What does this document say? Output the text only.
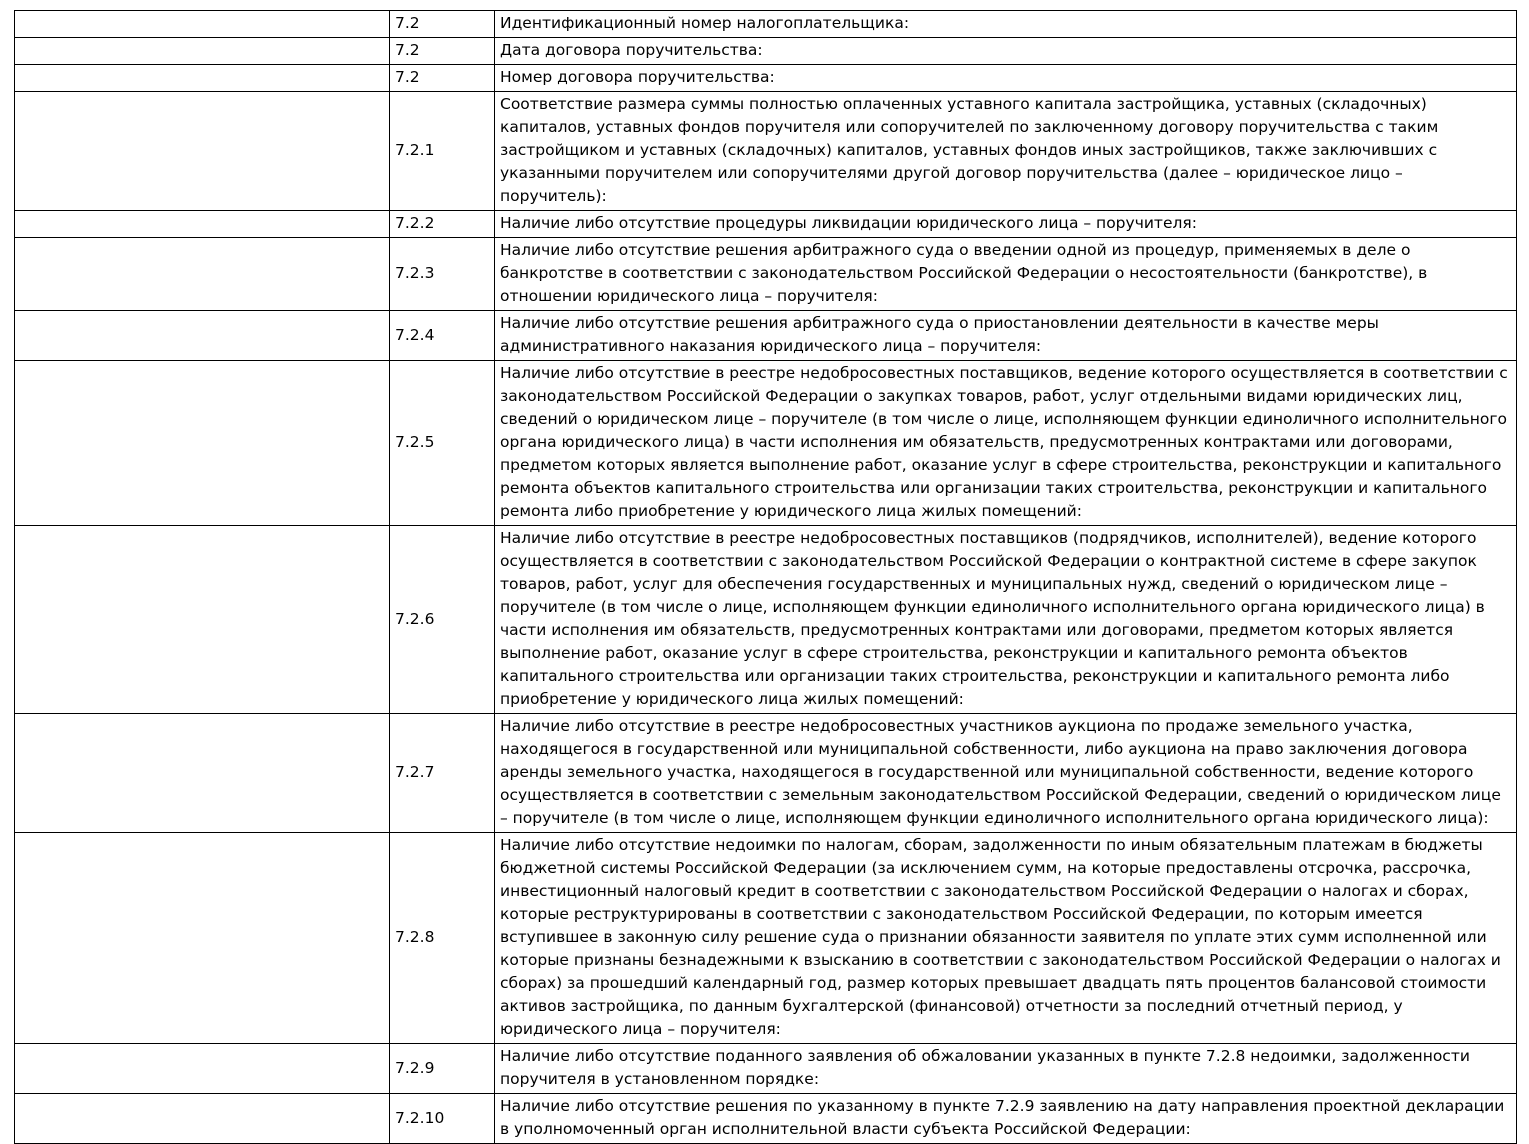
	7.2	Идентификационный номер налогоплательщика:
	7.2	Дата договора поручительства:
	7.2	Номер договора поручительства:
	7.2.1	Соответствие размера суммы полностью оплаченных уставного капитала застройщика, уставных (складочных) капиталов, уставных фондов поручителя или сопоручителей по заключенному договору поручительства с таким застройщиком и уставных (складочных) капиталов, уставных фондов иных застройщиков, также заключивших с указанными поручителем или сопоручителями другой договор поручительства (далее – юридическое лицо – поручитель):
	7.2.2	Наличие либо отсутствие процедуры ликвидации юридического лица – поручителя:
	7.2.3	Наличие либо отсутствие решения арбитражного суда о введении одной из процедур, применяемых в деле о банкротстве в соответствии с законодательством Российской Федерации о несостоятельности (банкротстве), в отношении юридического лица – поручителя:
	7.2.4	Наличие либо отсутствие решения арбитражного суда о приостановлении деятельности в качестве меры административного наказания юридического лица – поручителя:
	7.2.5	Наличие либо отсутствие в реестре недобросовестных поставщиков, ведение которого осуществляется в соответствии с законодательством Российской Федерации о закупках товаров, работ, услуг отдельными видами юридических лиц, сведений о юридическом лице – поручителе (в том числе о лице, исполняющем функции единоличного исполнительного органа юридического лица) в части исполнения им обязательств, предусмотренных контрактами или договорами, предметом которых является выполнение работ, оказание услуг в сфере строительства, реконструкции и капитального ремонта объектов капитального строительства или организации таких строительства, реконструкции и капитального ремонта либо приобретение у юридического лица жилых помещений:
	7.2.6	Наличие либо отсутствие в реестре недобросовестных поставщиков (подрядчиков, исполнителей), ведение которого осуществляется в соответствии с законодательством Российской Федерации о контрактной системе в сфере закупок товаров, работ, услуг для обеспечения государственных и муниципальных нужд, сведений о юридическом лице – поручителе (в том числе о лице, исполняющем функции единоличного исполнительного органа юридического лица) в части исполнения им обязательств, предусмотренных контрактами или договорами, предметом которых является выполнение работ, оказание услуг в сфере строительства, реконструкции и капитального ремонта объектов капитального строительства или организации таких строительства, реконструкции и капитального ремонта либо приобретение у юридического лица жилых помещений:
	7.2.7	Наличие либо отсутствие в реестре недобросовестных участников аукциона по продаже земельного участка, находящегося в государственной или муниципальной собственности, либо аукциона на право заключения договора аренды земельного участка, находящегося в государственной или муниципальной собственности, ведение которого осуществляется в соответствии с земельным законодательством Российской Федерации, сведений о юридическом лице – поручителе (в том числе о лице, исполняющем функции единоличного исполнительного органа юридического лица):
	7.2.8	Наличие либо отсутствие недоимки по налогам, сборам, задолженности по иным обязательным платежам в бюджеты бюджетной системы Российской Федерации (за исключением сумм, на которые предоставлены отсрочка, рассрочка, инвестиционный налоговый кредит в соответствии с законодательством Российской Федерации о налогах и сборах, которые реструктурированы в соответствии с законодательством Российской Федерации, по которым имеется вступившее в законную силу решение суда о признании обязанности заявителя по уплате этих сумм исполненной или которые признаны безнадежными к взысканию в соответствии с законодательством Российской Федерации о налогах и сборах) за прошедший календарный год, размер которых превышает двадцать пять процентов балансовой стоимости активов застройщика, по данным бухгалтерской (финансовой) отчетности за последний отчетный период, у юридического лица – поручителя:
	7.2.9	Наличие либо отсутствие поданного заявления об обжаловании указанных в пункте 7.2.8 недоимки, задолженности поручителя в установленном порядке:
	7.2.10	Наличие либо отсутствие решения по указанному в пункте 7.2.9 заявлению на дату направления проектной декларации в уполномоченный орган исполнительной власти субъекта Российской Федерации:
